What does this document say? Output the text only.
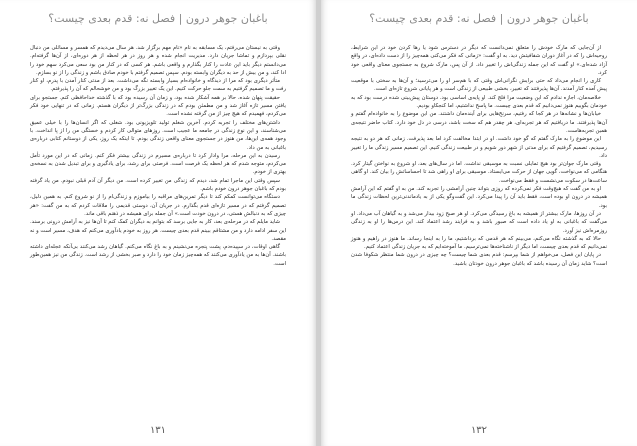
باغبان جوهر درون | فصل نه: قدم بعدی چیست؟

وقتی به نیستان می‌رفتم، یک مسابقه به نام «نام مهم برگزار شد. هر سال می‌دیدم که همسر و مسائلی من دنبال نقلی بپردازم و تماشا جریان دارد. مدیریت انجام شده و هر روز در هر لحظه از هر دوره‌ای، از آن‌ها گرفته‌ام. می‌دانستم دیگر باید این عادت را کنار بگذارم و واقعی باشم. هر کسی که در کنار من بود سعی می‌کرد سهم خود را ادا کند، و من بیش از حد به دیگران وابسته بودم. سپس تصمیم گرفتم با خودم صادق باشم و زندگی را از نو بسازم.

متأثر دیگری بود که مرا از دیدگاه و خانواده‌ام بسیار وابسته نگه می‌داشت. بعد از مدتی کنار آمدن با پدرم، او کنار رفت و ما تصمیم گرفتیم به سمت جلو حرکت کنیم. این یک تغییر بزرگ بود و من خوشحالم که آن را پذیرفتم.

حقیقت پنهان شده، حالا بر همه آشکار شده بود، و زمان آن رسیده بود که با گذشته خداحافظی کنم. جستجو برای یافتن مسیر تازه آغاز شد و من مطمئن بودم که در زندگی بزرگ‌تر از دیگران هستم. زمانی که در تنهایی خود فکر می‌کردم، فهمیدم که هیچ چیز از من گرفته نشده است.

داشتن‌های مختلف را تجربه کردم. آخرین شغلم تولید تلویزیونی بود. شغلی که اگر انسان‌ها را با خیلی عمیق می‌شناسند، و این نوع زندگی در جامعه ما عجیب است. روزهای متوالی کار کردم و خستگی من را از پا انداخت. با وجود همه‌ی این‌ها، من هنوز در جستجوی معنای واقعی زندگی بودم. تا اینکه یک روز، یکی از دوستانم کتابی درباره‌ی باغبانی به من داد.

رسیدن به این مرحله، مرا وادار کرد تا درباره‌ی مسیرم در زندگی بیشتر فکر کنم. زمانی که در این مورد تأمل می‌کردم، متوجه شدم که هر لحظه یک فرصت است. فرصتی برای رشد، برای یادگیری و برای تبدیل شدن به نسخه‌ی بهتری از خودم.

سپس وقتی این ماجرا تمام شد، دیدم که زندگی من تغییر کرده است. من دیگر آن آدم قبلی نبودم. من یاد گرفته بودم که باغبان جوهر درون خودم باشم.

دستگاه می‌توانست کمکم کند تا دیگر تمرین‌های مراقبه را بیاموزم و زندگی‌ام را از نو شروع کنم. به همین دلیل، تصمیم گرفتم که در مسیر تازه‌ای قدم بگذارم. در جریان آن، دوستی قدیمی را ملاقات کردم که به من گفت: «هر چیزی که به دنبالش هستی، در درون خودت است.» آن جمله برای همیشه در ذهنم باقی ماند.

شاید مایلم که در مرحله‌ی بعد، کار به جایی برسد که بتوانم به دیگران کمک کنم تا آن‌ها نیز به آرامش درونی برسند. این سفر ادامه دارد و من مشتاقم ببینم قدم بعدی چیست. هر روز به خودم یادآوری می‌کنم که هدف، مسیر است و نه مقصد.

گاهی اوقات، در سپیده‌دم، پشت پنجره می‌نشینم و به باغ نگاه می‌کنم. گیاهان رشد می‌کنند بی‌آنکه عجله‌ای داشته باشند. آن‌ها به من یادآوری می‌کنند که همه‌چیز زمان خود را دارد و صبر بخشی از رشد است. زندگی من نیز همین‌طور است.

۱۳۱
باغبان جوهر درون | فصل نه: قدم بعدی چیست؟

از آن‌جایی که مارک خودش را متعلق نمی‌دانست که دیگر در دسترس شود یا رها کردن خود در این شرایط، روحیه‌اش را که در آغاز دوران شفافیتش دید. به او گفت: «زمانی که فکر می‌کنی همه‌چیز را از دست داده‌ای، در واقع آزاد شده‌ای.» او گفت که این جمله زندگی‌اش را تغییر داد. از آن پس، مارک شروع به جستجوی معنای واقعی خود کرد.

کاری را انجام می‌داد که حتی برایش نگرانی‌اش وقتی که با هم‌سر او را می‌ترسید؛ و آن‌ها به سختی با موقعیت پیش آمده کنار آمدند. آن‌ها پذیرفتند که تغییر، بخشی طبیعی از زندگی است و هر پایانی شروع تازه‌ای است.

خلاصه‌مان، اجازه ندادم که این وضعیت مرا فلج کند. او پایه‌ی اساسی بود. دوستان پیش‌بینی شده درست بود که به خودمان بگوییم هنوز نمی‌دانیم که قدم بعدی چیست. ما پاسخ نداشتیم، اما کنجکاو بودیم.

خیابان‌ها و نشانه‌ها در هر کجا که رفتیم، سرنخ‌هایی برای آینده‌مان داشتند. من این موضوع را به خانواده‌ام گفتم و آن‌ها پذیرفتند. ما دریافتیم که هر تجربه‌ای، هر چقدر هم که سخت باشد، درسی در دل خود دارد. کتاب حاضر نتیجه‌ی همین تجربه‌هاست.

این موضوع را به مارک گفتم که گو خود داشت. او در ابتدا مخالفت کرد اما بعد پذیرفت. زمانی که هر دو به نتیجه رسیدیم، تصمیم گرفتیم که برای مدتی از شهر دور شویم و در طبیعت زندگی کنیم. این تصمیم مسیر زندگی ما را تغییر داد.

وقتی مارک جوان‌تر بود هیچ تمایلی نسبت به موسیقی نداشت. اما در سال‌های بعد، او شروع به نواختن گیتار کرد. هنگامی که می‌نواخت، گویی جهان از حرکت می‌ایستاد. موسیقی برای او راهی شد تا احساساتش را بیان کند. او گاهی ساعت‌ها در سکوت می‌نشست و فقط می‌نواخت.

او به من گفت که هیچ‌وقت فکر نمی‌کرده که روزی بتواند چنین آرامشی را تجربه کند. من به او گفتم که این آرامش همیشه در درون او بوده است، فقط باید آن را پیدا می‌کرد. این گفت‌وگو یکی از به یادماندنی‌ترین لحظات زندگی ما بود.

در آن روزها، مارک بیشتر از همیشه به باغ رسیدگی می‌کرد. او هر صبح زود بیدار می‌شد و به گیاهان آب می‌داد. او می‌گفت که باغبانی به او یاد داده است که صبور باشد و به فرایند رشد اعتماد کند. این درس‌ها را او به زندگی روزمره‌اش نیز آورد.

حالا که به گذشته نگاه می‌کنم، می‌بینم که هر قدمی که برداشتیم، ما را به اینجا رساند. ما هنوز در راهیم و هنوز نمی‌دانیم که قدم بعدی چیست، اما دیگر از ناشناخته‌ها نمی‌ترسیم. ما آموخته‌ایم که به جریان زندگی اعتماد کنیم.

در پایان این فصل، می‌خواهم از شما بپرسم: قدم بعدی شما چیست؟ چه چیزی در درون شما منتظر شکوفا شدن است؟ شاید زمان آن رسیده باشد که باغبان جوهر درون خودتان باشید.

۱۳۲
